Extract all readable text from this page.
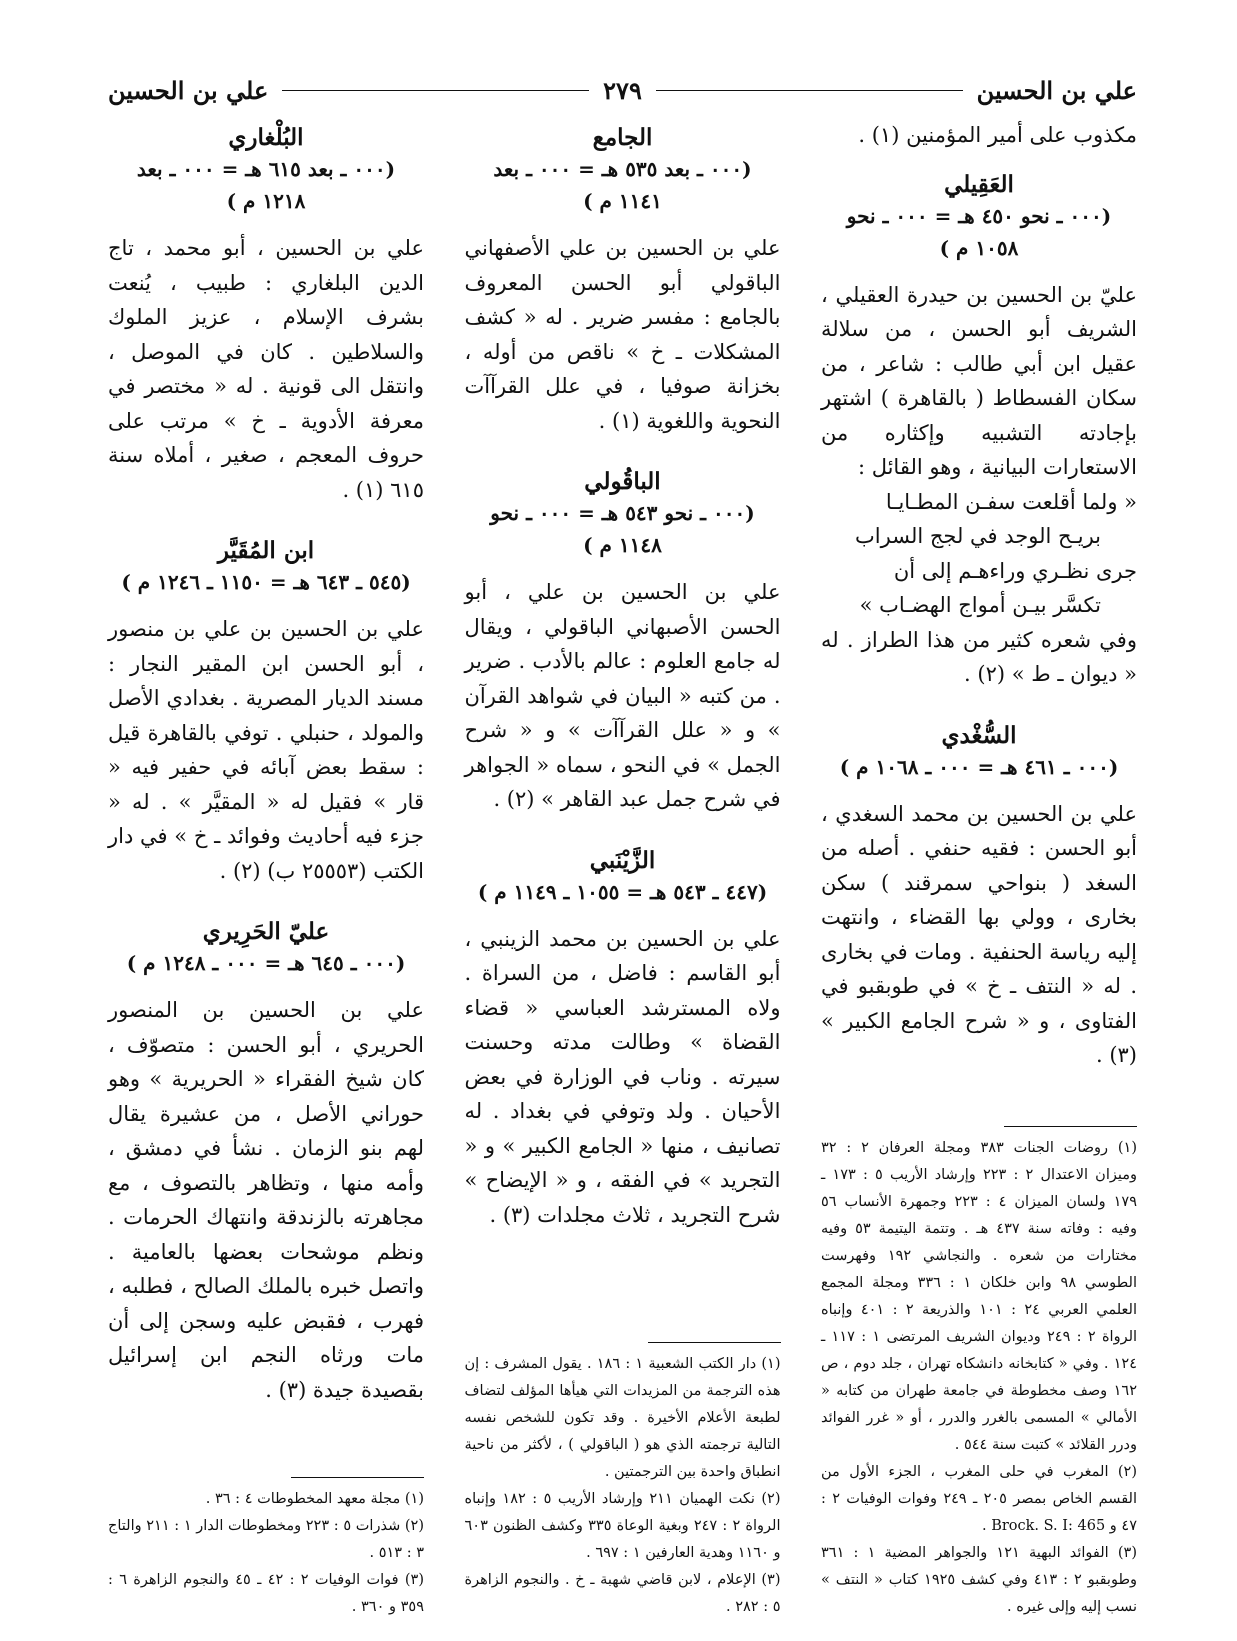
علي بن الحسين
٢٧٩
علي بن الحسين

مكذوب على أمير المؤمنين (١) .

العَقِيلي
(٠٠٠ ـ نحو ٤٥٠ هـ = ٠٠٠ ـ نحو
١٠٥٨ م )

عليّ بن الحسين بن حيدرة العقيلي ، الشريف أبو الحسن ، من سلالة عقيل ابن أبي طالب : شاعر ، من سكان الفسطاط ( بالقاهرة ) اشتهر بإجادته التشبيه وإكثاره من الاستعارات البيانية ، وهو القائل :

« ولما أقلعت سفـن المطـايـا
بريـح الوجد في لجج السراب
جرى نظـري وراءهـم إلى أن
تكسَّر بيـن أمواج الهضـاب »

وفي شعره كثير من هذا الطراز . له « ديوان ـ ط » (٢) .

السُّغْدي
(٠٠٠ ـ ٤٦١ هـ = ٠٠٠ ـ ١٠٦٨ م )

علي بن الحسين بن محمد السغدي ، أبو الحسن : فقيه حنفي . أصله من السغد ( بنواحي سمرقند ) سكن بخارى ، وولي بها القضاء ، وانتهت إليه رياسة الحنفية . ومات في بخارى . له « النتف ـ خ » في طوبقبو في الفتاوى ، و « شرح الجامع الكبير » (٣) .

(١) روضات الجنات ٣٨٣ ومجلة العرفان ٢ : ٣٢ وميزان الاعتدال ٢ : ٢٢٣ وإرشاد الأريب ٥ : ١٧٣ ـ ١٧٩ ولسان الميزان ٤ : ٢٢٣ وجمهرة الأنساب ٥٦ وفيه : وفاته سنة ٤٣٧ هـ . وتتمة اليتيمة ٥٣ وفيه مختارات من شعره . والنجاشي ١٩٢ وفهرست الطوسي ٩٨ وابن خلكان ١ : ٣٣٦ ومجلة المجمع العلمي العربي ٢٤ : ١٠١ والذريعة ٢ : ٤٠١ وإنباه الرواة ٢ : ٢٤٩ وديوان الشريف المرتضى ١ : ١١٧ ـ ١٢٤ . وفي « كتابخانه دانشكاه تهران ، جلد دوم ، ص ١٦٢ وصف مخطوطة في جامعة طهران من كتابه « الأمالي » المسمى بالغرر والدرر ، أو « غرر الفوائد ودرر القلائد » كتبت سنة ٥٤٤ .

(٢) المغرب في حلى المغرب ، الجزء الأول من القسم الخاص بمصر ٢٠٥ ـ ٢٤٩ وفوات الوفيات ٢ : ٤٧ و Brock. S. I: 465 .

(٣) الفوائد البهية ١٢١ والجواهر المضية ١ : ٣٦١ وطوبقبو ٢ : ٤١٣ وفي كشف ١٩٢٥ كتاب « النتف » نسب إليه وإلى غيره .

الجامع
(٠٠٠ ـ بعد ٥٣٥ هـ = ٠٠٠ ـ بعد
١١٤١ م )

علي بن الحسين بن علي الأصفهاني الباقولي أبو الحسن المعروف بالجامع : مفسر ضرير . له « كشف المشكلات ـ خ » ناقص من أوله ، بخزانة صوفيا ، في علل القرآآت النحوية واللغوية (١) .

الباقُولي
(٠٠٠ ـ نحو ٥٤٣ هـ = ٠٠٠ ـ نحو
١١٤٨ م )

علي بن الحسين بن علي ، أبو الحسن الأصبهاني الباقولي ، ويقال له جامع العلوم : عالم بالأدب . ضرير . من كتبه « البيان في شواهد القرآن » و « علل القرآآت » و « شرح الجمل » في النحو ، سماه « الجواهر في شرح جمل عبد القاهر » (٢) .

الزَّيْنَبي
(٤٤٧ ـ ٥٤٣ هـ = ١٠٥٥ ـ ١١٤٩ م )

علي بن الحسين بن محمد الزينبي ، أبو القاسم : فاضل ، من السراة . ولاه المسترشد العباسي « قضاء القضاة » وطالت مدته وحسنت سيرته . وناب في الوزارة في بعض الأحيان . ولد وتوفي في بغداد . له تصانيف ، منها « الجامع الكبير » و « التجريد » في الفقه ، و « الإيضاح » شرح التجريد ، ثلاث مجلدات (٣) .

(١) دار الكتب الشعبية ١ : ١٨٦ . يقول المشرف : إن هذه الترجمة من المزيدات التي هيأها المؤلف لتضاف لطبعة الأعلام الأخيرة . وقد تكون للشخص نفسه التالية ترجمته الذي هو ( الباقولي ) ، لأكثر من ناحية انطباق واحدة بين الترجمتين .

(٢) نكت الهميان ٢١١ وإرشاد الأريب ٥ : ١٨٢ وإنباه الرواة ٢ : ٢٤٧ وبغية الوعاة ٣٣٥ وكشف الظنون ٦٠٣ و ١١٦٠ وهدية العارفين ١ : ٦٩٧ .

(٣) الإعلام ، لابن قاضي شهبة ـ خ . والنجوم الزاهرة ٥ : ٢٨٢ .

البُلْغاري
(٠٠٠ ـ بعد ٦١٥ هـ = ٠٠٠ ـ بعد
١٢١٨ م )

علي بن الحسين ، أبو محمد ، تاج الدين البلغاري : طبيب ، يُنعت بشرف الإسلام ، عزيز الملوك والسلاطين . كان في الموصل ، وانتقل الى قونية . له « مختصر في معرفة الأدوية ـ خ » مرتب على حروف المعجم ، صغير ، أملاه سنة ٦١٥ (١) .

ابن المُقَيَّر
(٥٤٥ ـ ٦٤٣ هـ = ١١٥٠ ـ ١٢٤٦ م )

علي بن الحسين بن علي بن منصور ، أبو الحسن ابن المقير النجار : مسند الديار المصرية . بغدادي الأصل والمولد ، حنبلي . توفي بالقاهرة قيل : سقط بعض آبائه في حفير فيه « قار » فقيل له « المقيَّر » . له « جزء فيه أحاديث وفوائد ـ خ » في دار الكتب (٢٥٥٥٣ ب) (٢) .

عليّ الحَرِيري
(٠٠٠ ـ ٦٤٥ هـ = ٠٠٠ ـ ١٢٤٨ م )

علي بن الحسين بن المنصور الحريري ، أبو الحسن : متصوّف ، كان شيخ الفقراء « الحريرية » وهو حوراني الأصل ، من عشيرة يقال لهم بنو الزمان . نشأ في دمشق ، وأمه منها ، وتظاهر بالتصوف ، مع مجاهرته بالزندقة وانتهاك الحرمات . ونظم موشحات بعضها بالعامية . واتصل خبره بالملك الصالح ، فطلبه ، فهرب ، فقبض عليه وسجن إلى أن مات ورثاه النجم ابن إسرائيل بقصيدة جيدة (٣) .

(١) مجلة معهد المخطوطات ٤ : ٣٦ .

(٢) شذرات ٥ : ٢٢٣ ومخطوطات الدار ١ : ٢١١ والتاج ٣ : ٥١٣ .

(٣) فوات الوفيات ٢ : ٤٢ ـ ٤٥ والنجوم الزاهرة ٦ : ٣٥٩ و ٣٦٠ .
